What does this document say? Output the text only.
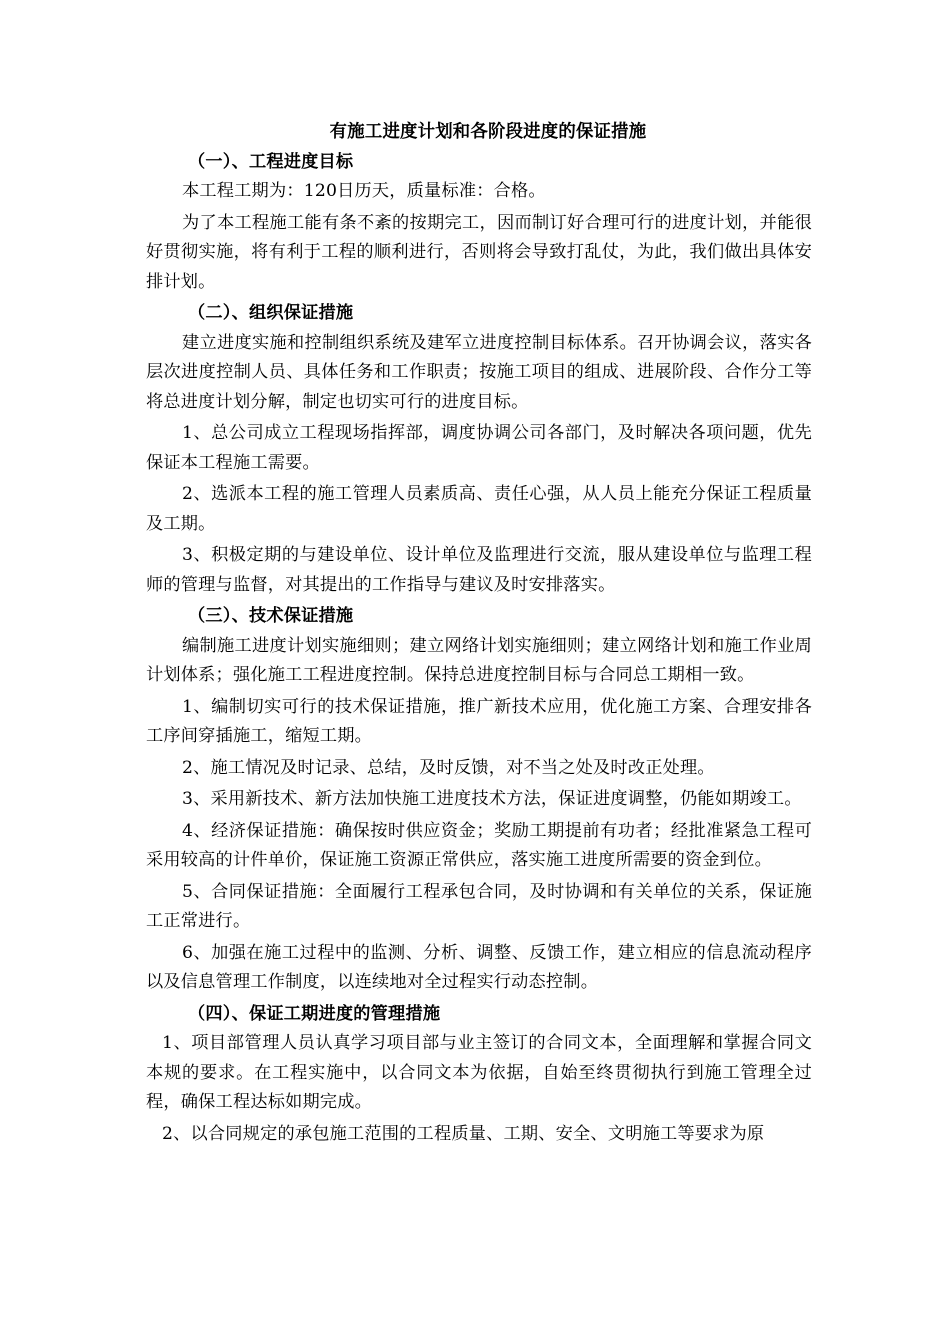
有施工进度计划和各阶段进度的保证措施

（一）、工程进度目标

本工程工期为：120日历天，质量标准：合格。

为了本工程施工能有条不紊的按期完工，因而制订好合理可行的进度计划，并能很好贯彻实施，将有利于工程的顺利进行，否则将会导致打乱仗，为此，我们做出具体安排计划。

（二）、组织保证措施

建立进度实施和控制组织系统及建军立进度控制目标体系。召开协调会议，落实各层次进度控制人员、具体任务和工作职责；按施工项目的组成、进展阶段、合作分工等将总进度计划分解，制定也切实可行的进度目标。

1、总公司成立工程现场指挥部，调度协调公司各部门，及时解决各项问题，优先保证本工程施工需要。

2、选派本工程的施工管理人员素质高、责任心强，从人员上能充分保证工程质量及工期。

3、积极定期的与建设单位、设计单位及监理进行交流，服从建设单位与监理工程师的管理与监督，对其提出的工作指导与建议及时安排落实。

（三）、技术保证措施

编制施工进度计划实施细则；建立网络计划实施细则；建立网络计划和施工作业周计划体系；强化施工工程进度控制。保持总进度控制目标与合同总工期相一致。

1、编制切实可行的技术保证措施，推广新技术应用，优化施工方案、合理安排各工序间穿插施工，缩短工期。

2、施工情况及时记录、总结，及时反馈，对不当之处及时改正处理。

3、采用新技术、新方法加快施工进度技术方法，保证进度调整，仍能如期竣工。

4、经济保证措施：确保按时供应资金；奖励工期提前有功者；经批准紧急工程可采用较高的计件单价，保证施工资源正常供应，落实施工进度所需要的资金到位。

5、合同保证措施：全面履行工程承包合同，及时协调和有关单位的关系，保证施工正常进行。

6、加强在施工过程中的监测、分析、调整、反馈工作，建立相应的信息流动程序以及信息管理工作制度，以连续地对全过程实行动态控制。

（四）、保证工期进度的管理措施

1、项目部管理人员认真学习项目部与业主签订的合同文本，全面理解和掌握合同文本规的要求。在工程实施中，以合同文本为依据，自始至终贯彻执行到施工管理全过程，确保工程达标如期完成。

2、以合同规定的承包施工范围的工程质量、工期、安全、文明施工等要求为原
